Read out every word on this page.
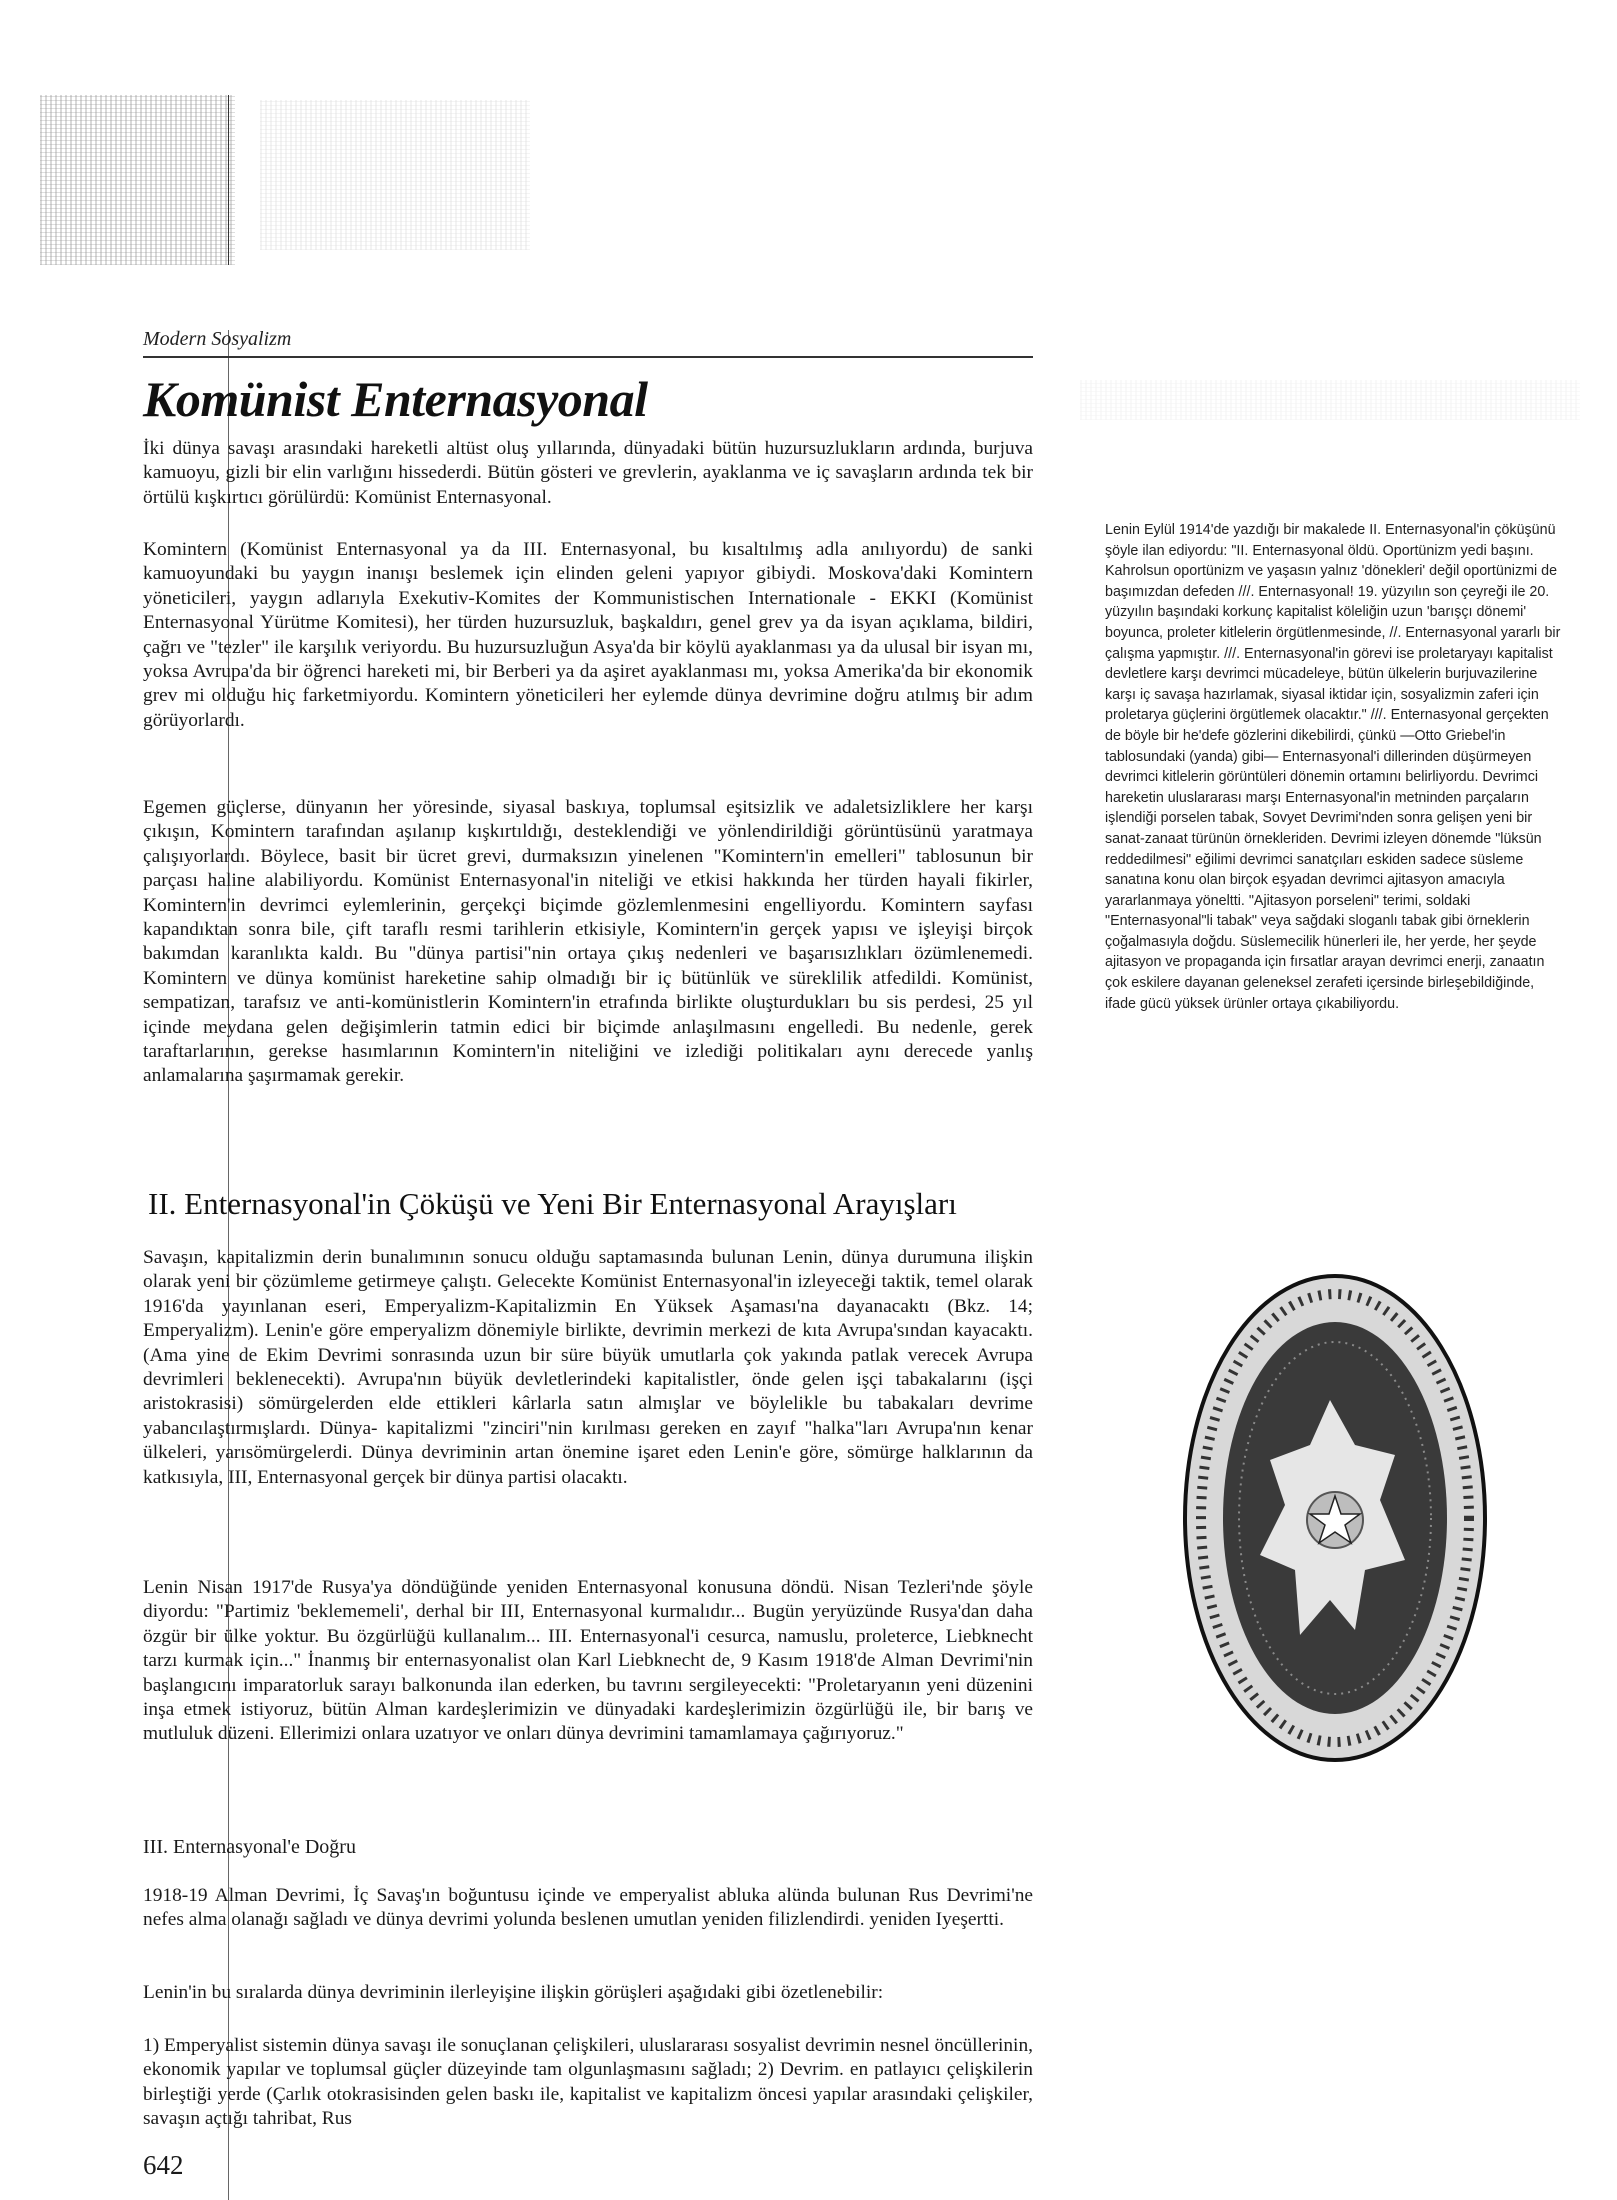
Modern Sosyalizm
Komünist Enternasyonal

İki dünya savaşı arasındaki hareketli altüst oluş yıllarında, dünyadaki bütün huzursuzlukların ardında, burjuva kamuoyu, gizli bir elin varlığını hissederdi. Bütün gösteri ve grevlerin, ayaklanma ve iç savaşların ardında tek bir örtülü kışkırtıcı görülürdü: Komünist Enternasyonal.

Komintern (Komünist Enternasyonal ya da III. Enternasyonal, bu kısaltılmış adla anılıyordu) de sanki kamuoyundaki bu yaygın inanışı beslemek için elinden geleni yapıyor gibiydi. Moskova'daki Komintern yöneticileri, yaygın adlarıyla Exekutiv-Komites der Kommunistischen Internationale - EKKI (Komünist Enternasyonal Yürütme Komitesi), her türden huzursuzluk, başkaldırı, genel grev ya da isyan açıklama, bildiri, çağrı ve "tezler" ile karşılık veriyordu. Bu huzursuzluğun Asya'da bir köylü ayaklanması ya da ulusal bir isyan mı, yoksa Avrupa'da bir öğrenci hareketi mi, bir Berberi ya da aşiret ayaklanması mı, yoksa Amerika'da bir ekonomik grev mi olduğu hiç farketmiyordu. Komintern yöneticileri her eylemde dünya devrimine doğru atılmış bir adım görüyorlardı.

Egemen güçlerse, dünyanın her yöresinde, siyasal baskıya, toplumsal eşitsizlik ve adaletsizliklere her karşı çıkışın, Komintern tarafından aşılanıp kışkırtıldığı, desteklendiği ve yönlendirildiği görüntüsünü yaratmaya çalışıyorlardı. Böylece, basit bir ücret grevi, durmaksızın yinelenen "Komintern'in emelleri" tablosunun bir parçası haline alabiliyordu. Komünist Enternasyonal'in niteliği ve etkisi hakkında her türden hayali fikirler, Komintern'in devrimci eylemlerinin, gerçekçi biçimde gözlemlenmesini engelliyordu. Komintern sayfası kapandıktan sonra bile, çift taraflı resmi tarihlerin etkisiyle, Komintern'in gerçek yapısı ve işleyişi birçok bakımdan karanlıkta kaldı. Bu "dünya partisi"nin ortaya çıkış nedenleri ve başarısızlıkları özümlenemedi. Komintern ve dünya komünist hareketine sahip olmadığı bir iç bütünlük ve süreklilik atfedildi. Komünist, sempatizan, tarafsız ve anti-komünistlerin Komintern'in etrafında birlikte oluşturdukları bu sis perdesi, 25 yıl içinde meydana gelen değişimlerin tatmin edici bir biçimde anlaşılmasını engelledi. Bu nedenle, gerek taraftarlarının, gerekse hasımlarının Komintern'in niteliğini ve izlediği politikaları aynı derecede yanlış anlamalarına şaşırmamak gerekir.

II. Enternasyonal'in Çöküşü ve Yeni Bir Enternasyonal Arayışları

Savaşın, kapitalizmin derin bunalımının sonucu olduğu saptamasında bulunan Lenin, dünya durumuna ilişkin olarak yeni bir çözümleme getirmeye çalıştı. Gelecekte Komünist Enternasyonal'in izleyeceği taktik, temel olarak 1916'da yayınlanan eseri, Emperyalizm-Kapitalizmin En Yüksek Aşaması'na dayanacaktı (Bkz. 14; Emperyalizm). Lenin'e göre emperyalizm dönemiyle birlikte, devrimin merkezi de kıta Avrupa'sından kayacaktı. (Ama yine de Ekim Devrimi sonrasında uzun bir süre büyük umutlarla çok yakında patlak verecek Avrupa devrimleri beklenecekti). Avrupa'nın büyük devletlerindeki kapitalistler, önde gelen işçi tabakalarını (işçi aristokrasisi) sömürgelerden elde ettikleri kârlarla satın almışlar ve böylelikle bu tabakaları devrime yabancılaştırmışlardı. Dünya- kapitalizmi "zinciri"nin kırılması gereken en zayıf "halka"ları Avrupa'nın kenar ülkeleri, yarısömürgelerdi. Dünya devriminin artan önemine işaret eden Lenin'e göre, sömürge halklarının da katkısıyla, III, Enternasyonal gerçek bir dünya partisi olacaktı.

Lenin Nisan 1917'de Rusya'ya döndüğünde yeniden Enternasyonal konusuna döndü. Nisan Tezleri'nde şöyle diyordu: "Partimiz 'beklememeli', derhal bir III, Enternasyonal kurmalıdır... Bugün yeryüzünde Rusya'dan daha özgür bir ülke yoktur. Bu özgürlüğü kullanalım... III. Enternasyonal'i cesurca, namuslu, proleterce, Liebknecht tarzı kurmak için..." İnanmış bir enternasyonalist olan Karl Liebknecht de, 9 Kasım 1918'de Alman Devrimi'nin başlangıcını imparatorluk sarayı balkonunda ilan ederken, bu tavrını sergileyecekti: "Proletaryanın yeni düzenini inşa etmek istiyoruz, bütün Alman kardeşlerimizin ve dünyadaki kardeşlerimizin özgürlüğü ile, bir barış ve mutluluk düzeni. Ellerimizi onlara uzatıyor ve onları dünya devrimini tamamlamaya çağırıyoruz."

III. Enternasyonal'e Doğru

1918-19 Alman Devrimi, İç Savaş'ın boğuntusu içinde ve emperyalist abluka alünda bulunan Rus Devrimi'ne nefes alma olanağı sağladı ve dünya devrimi yolunda beslenen umutlan yeniden filizlendirdi. yeniden Iyeşertti.

Lenin'in bu sıralarda dünya devriminin ilerleyişine ilişkin görüşleri aşağıdaki gibi özetlenebilir:

1) Emperyalist sistemin dünya savaşı ile sonuçlanan çelişkileri, uluslararası sosyalist devrimin nesnel öncüllerinin, ekonomik yapılar ve toplumsal güçler düzeyinde tam olgunlaşmasını sağladı; 2) Devrim. en patlayıcı çelişkilerin birleştiği yerde (Çarlık otokrasisinden gelen baskı ile, kapitalist ve kapitalizm öncesi yapılar arasındaki çelişkiler, savaşın açtığı tahribat, Rus

642

Lenin Eylül 1914'de yazdığı bir makalede II. Enternasyonal'in çöküşünü şöyle ilan ediyordu: "II. Enternasyonal öldü. Oportünizm yedi başını. Kahrolsun oportünizm ve yaşasın yalnız 'dönekleri' değil oportünizmi de başımızdan defeden ///. Enternasyonal! 19. yüzyılın son çeyreği ile 20. yüzyılın başındaki korkunç kapitalist köleliğin uzun 'barışçı dönemi' boyunca, proleter kitlelerin örgütlenmesinde, //. Enternasyonal yararlı bir çalışma yapmıştır. ///. Enternasyonal'in görevi ise proletaryayı kapitalist devletlere karşı devrimci mücadeleye, bütün ülkelerin burjuvazilerine karşı iç savaşa hazırlamak, siyasal iktidar için, sosyalizmin zaferi için proletarya güçlerini örgütlemek olacaktır." ///. Enternasyonal gerçekten de böyle bir he'defe gözlerini dikebilirdi, çünkü —Otto Griebel'in tablosundaki (yanda) gibi— Enternasyonal'i dillerinden düşürmeyen devrimci kitlelerin görüntüleri dönemin ortamını belirliyordu. Devrimci hareketin uluslararası marşı Enternasyonal'in metninden parçaların işlendiği porselen tabak, Sovyet Devrimi'nden sonra gelişen yeni bir sanat-zanaat türünün örnekleriden. Devrimi izleyen dönemde "lüksün reddedilmesi" eğilimi devrimci sanatçıları eskiden sadece süsleme sanatına konu olan birçok eşyadan devrimci ajitasyon amacıyla yararlanmaya yöneltti. "Ajitasyon porseleni" terimi, soldaki "Enternasyonal"li tabak" veya sağdaki sloganlı tabak gibi örneklerin çoğalmasıyla doğdu. Süslemecilik hünerleri ile, her yerde, her şeyde ajitasyon ve propaganda için fırsatlar arayan devrimci enerji, zanaatın çok eskilere dayanan geleneksel zerafeti içersinde birleşebildiğinde, ifade gücü yüksek ürünler ortaya çıkabiliyordu.
